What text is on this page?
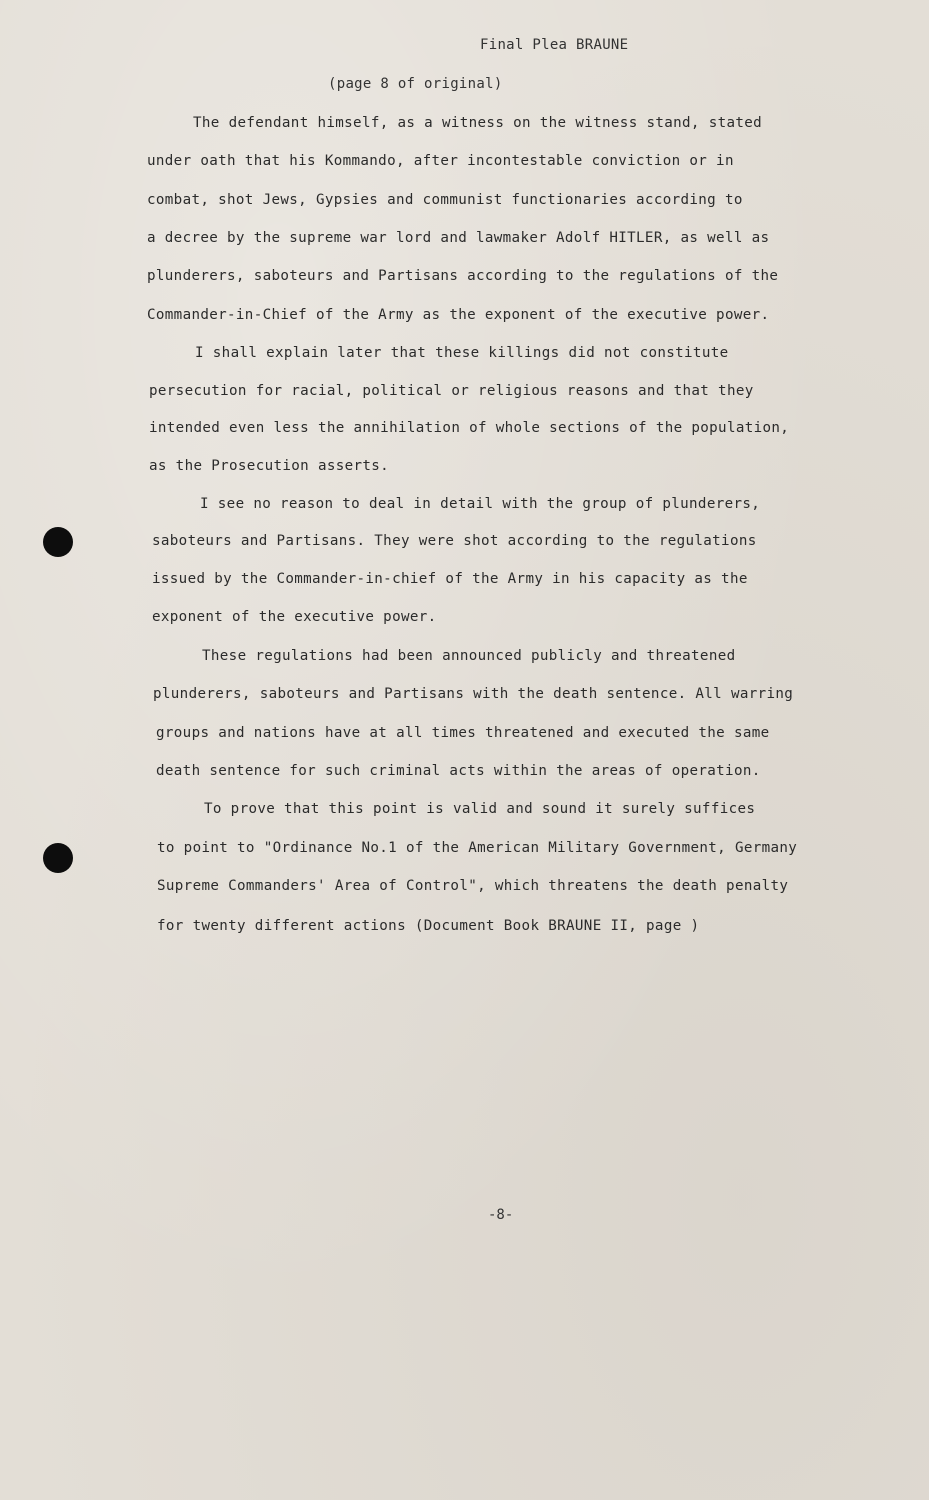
Final Plea BRAUNE
(page 8 of original)
The defendant himself, as a witness on the witness stand, stated
under oath that his Kommando, after incontestable conviction or in
combat, shot Jews, Gypsies and communist functionaries according to
a decree by the supreme war lord and lawmaker Adolf HITLER, as well as
plunderers, saboteurs and Partisans according to the regulations of the
Commander-in-Chief of the Army as the exponent of the executive power.
I shall explain later that these killings did not constitute
persecution for racial, political or religious reasons and that they
intended even less the annihilation of whole sections of the population,
as the Prosecution asserts.
I see no reason to deal in detail with the group of plunderers,
saboteurs and Partisans. They were shot according to the regulations
issued by the Commander-in-chief of the Army in his capacity as the
exponent of the executive power.
These regulations had been announced publicly and threatened
plunderers, saboteurs and Partisans with the death sentence. All warring
groups and nations have at all times threatened and executed the same
death sentence for such criminal acts within the areas of operation.
To prove that this point is valid and sound it surely suffices
to point to "Ordinance No.1 of the American Military Government, Germany
Supreme Commanders' Area of Control", which threatens the death penalty
for twenty different actions (Document Book BRAUNE II, page )
-8-
